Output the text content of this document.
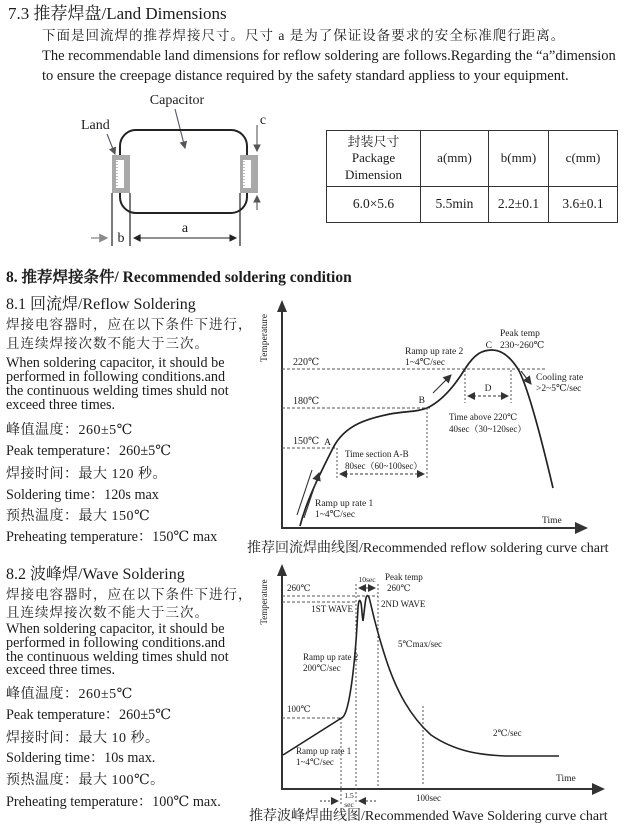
7.3 推荐焊盘/Land Dimensions
下面是回流焊的推荐焊接尺寸。尺寸 a 是为了保证设备要求的安全标准爬行距离。
The recommendable land dimensions for reflow soldering are follows.Regarding the “a”dimension
to ensure the creepage distance required by the safety standard appliess to your equipment.
Capacitor
Land	c
b
a
封装尺寸
Package
Dimension	a(mm)	b(mm)	c(mm)
6.0×5.6	5.5min	2.2±0.1	3.6±0.1
8. 推荐焊接条件/ Recommended soldering condition
8.1 回流焊/Reflow Soldering
焊接电容器时，应在以下条件下进行，
且连续焊接次数不能大于三次。
When soldering capacitor, it should be
performed in following conditions.and
the continuous welding times shuld not
exceed three times.
峰值温度：260±5℃
Peak temperature：260±5℃
焊接时间：最大 120 秒。
Soldering time：120s max
预热温度：最大 150℃
Preheating temperature：150℃ max
Temperature
220℃
180℃
150℃ A
B
C
Ramp up rate 1
1~4℃/sec
Ramp up rate 2
1~4℃/sec
Peak temp
230~260℃
Cooling rate
>2~5℃/sec
D
Time above 220℃
40sec（30~120sec）
Time section A-B
80sec（60~100sec）
Time
推荐回流焊曲线图/Recommended reflow soldering curve chart
8.2 波峰焊/Wave Soldering
焊接电容器时，应在以下条件下进行，
且连续焊接次数不能大于三次。
When soldering capacitor, it should be
performed in following conditions.and
the continuous welding times shuld not
exceed three times.
峰值温度：260±5℃
Peak temperature：260±5℃
焊接时间：最大 10 秒。
Soldering time：10s max.
预热温度：最大 100℃。
Preheating temperature：100℃ max.
Temperature 260℃
100℃
10sec Peak temp
260℃
1ST WAVE	2ND WAVE
5℃max/sec
Ramp up rate 2
200℃/sec
Ramp up rate 1
1~4℃/sec
2℃/sec
Time
100sec
1.5
sec
推荐波峰焊曲线图/Recommended Wave Soldering curve chart
